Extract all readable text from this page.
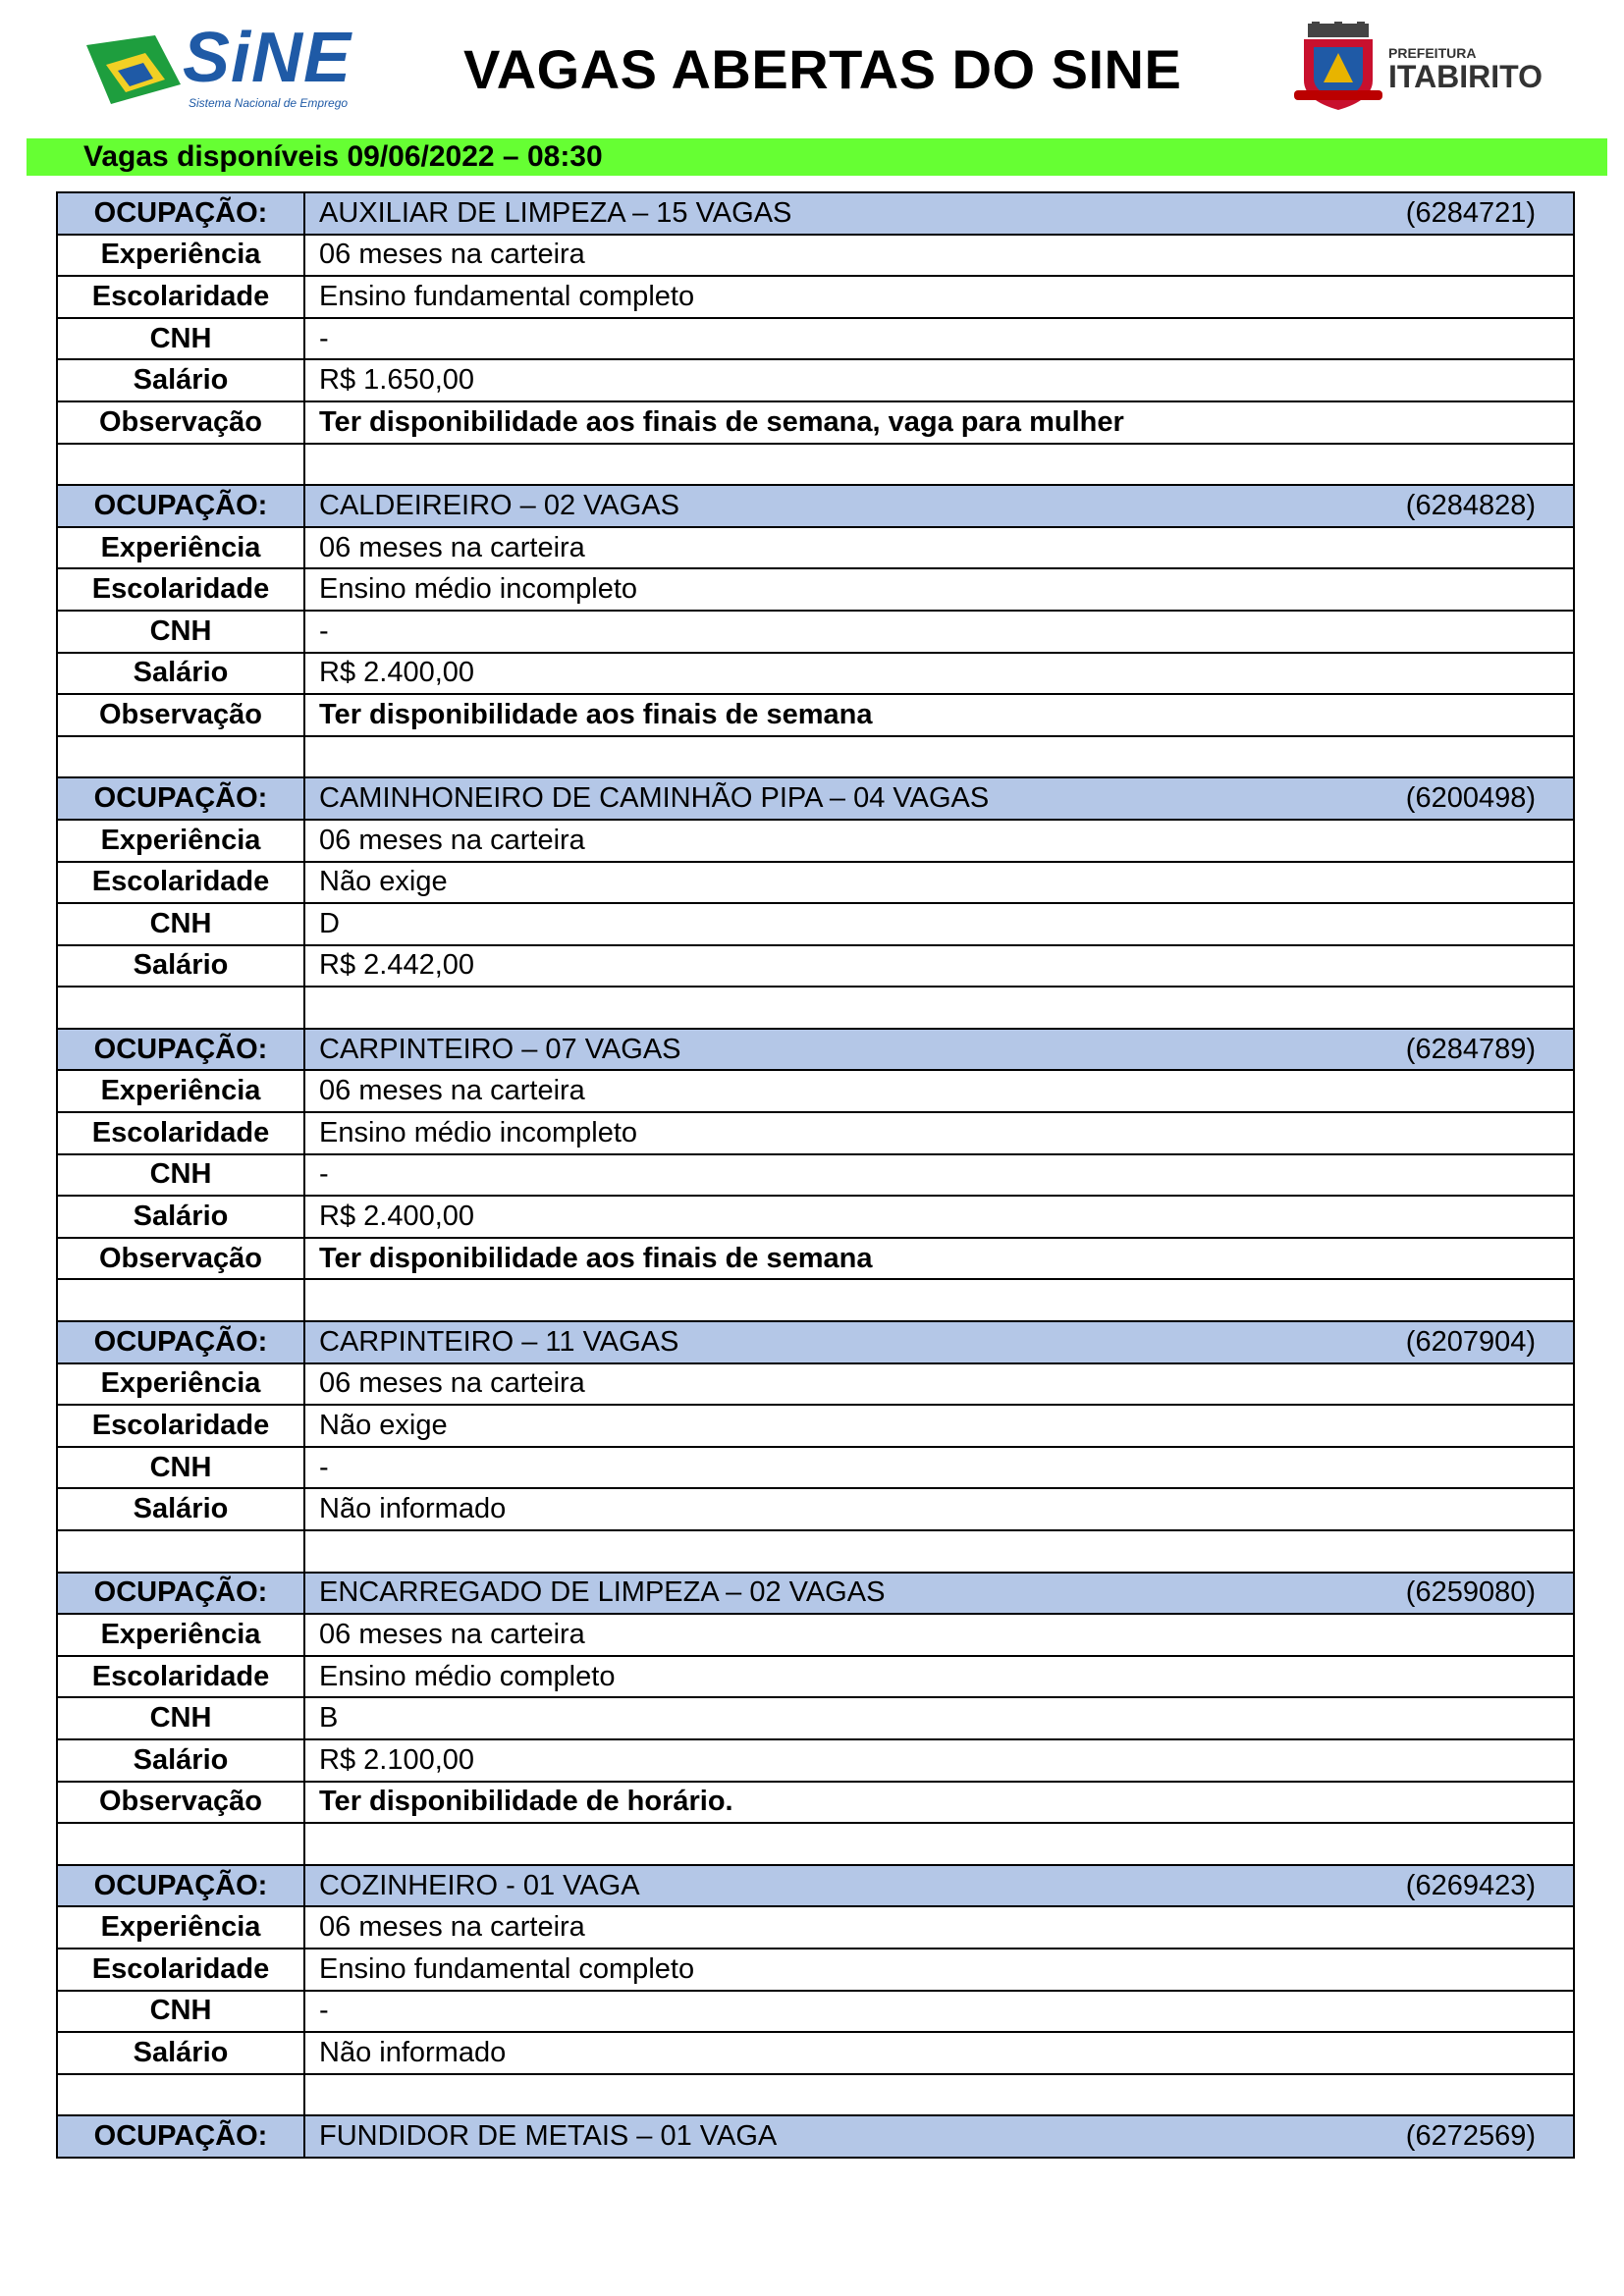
SiNE
Sistema Nacional de Emprego
VAGAS ABERTAS DO SINE	PREFEITURA
ITABIRITO
Vagas disponíveis 09/06/2022 – 08:30
OCUPAÇÃO:	AUXILIAR DE LIMPEZA – 15 VAGAS (6284721)

Experiência	06 meses na carteira
Escolaridade	Ensino fundamental completo
CNH	-
Salário	R$ 1.650,00
Observação	Ter disponibilidade aos finais de semana, vaga para mulher

OCUPAÇÃO:	CALDEIREIRO – 02 VAGAS (6284828)

Experiência	06 meses na carteira
Escolaridade	Ensino médio incompleto
CNH	-
Salário	R$ 2.400,00
Observação	Ter disponibilidade aos finais de semana

OCUPAÇÃO:	CAMINHONEIRO DE CAMINHÃO PIPA – 04 VAGAS (6200498)

Experiência	06 meses na carteira
Escolaridade	Não exige
CNH	D
Salário	R$ 2.442,00

OCUPAÇÃO:	CARPINTEIRO – 07 VAGAS (6284789)

Experiência	06 meses na carteira
Escolaridade	Ensino médio incompleto
CNH	-
Salário	R$ 2.400,00
Observação	Ter disponibilidade aos finais de semana

OCUPAÇÃO:	CARPINTEIRO – 11 VAGAS (6207904)

Experiência	06 meses na carteira
Escolaridade	Não exige
CNH	-
Salário	Não informado

OCUPAÇÃO:	ENCARREGADO DE LIMPEZA – 02 VAGAS (6259080)

Experiência	06 meses na carteira
Escolaridade	Ensino médio completo
CNH	B
Salário	R$ 2.100,00
Observação	Ter disponibilidade de horário.

OCUPAÇÃO:	COZINHEIRO - 01 VAGA (6269423)

Experiência	06 meses na carteira
Escolaridade	Ensino fundamental completo
CNH	-
Salário	Não informado

OCUPAÇÃO:	FUNDIDOR DE METAIS – 01 VAGA (6272569)
